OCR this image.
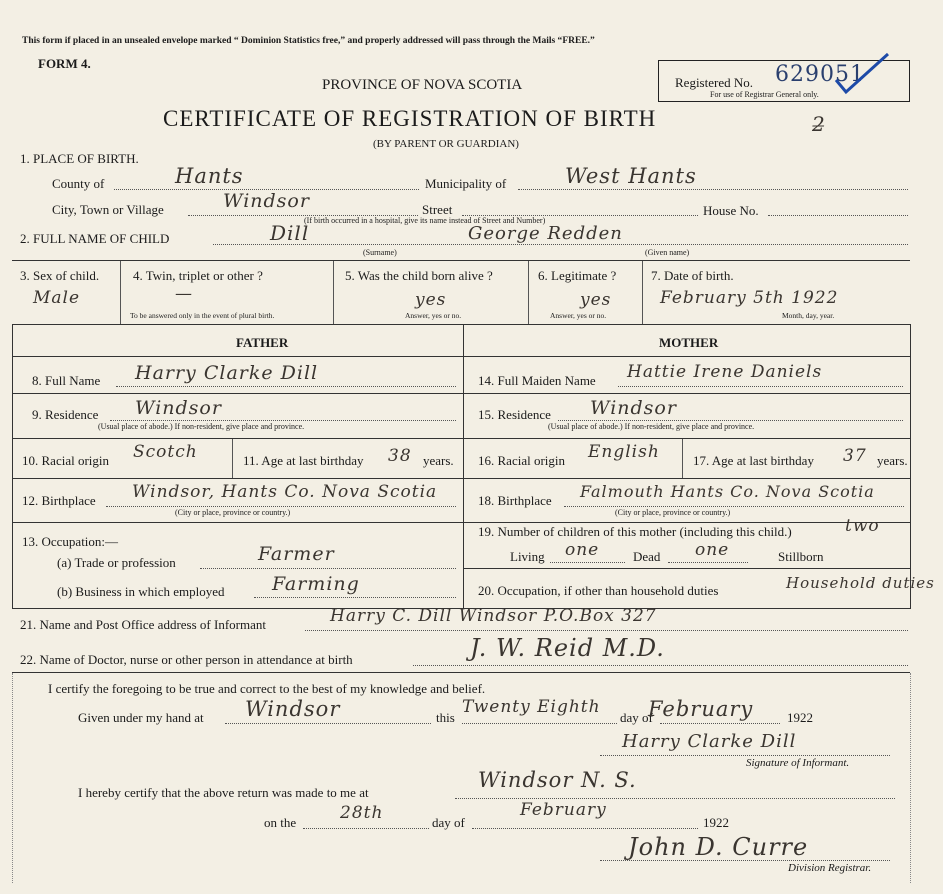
This form if placed in an unsealed envelope marked “ Dominion Statistics free,” and properly addressed will pass through the Mails “FREE.”
FORM 4.
PROVINCE OF NOVA SCOTIA
CERTIFICATE OF REGISTRATION OF BIRTH
(BY PARENT OR GUARDIAN)
2̶
Registered No. 629051
For use of Registrar General only.
1. PLACE OF BIRTH.
County of	Hants	Municipality of	West Hants
City, Town or Village	Windsor	Street	House No.
(If birth occurred in a hospital, give its name instead of Street and Number)
2. FULL NAME OF CHILD	Dill	George Redden
(Surname)	(Given name)
3. Sex of child.
Male
4. Twin, triplet or other ?
—
To be answered only in the event of plural birth.
5. Was the child born alive ?
yes
Answer, yes or no.
6. Legitimate ?
yes
Answer, yes or no.
7. Date of birth.
February 5th 1922
Month, day, year.
FATHER	MOTHER
8. Full Name Harry Clarke Dill
9. Residence Windsor
(Usual place of abode.) If non-resident, give place and province.
10. Racial origin Scotch	11. Age at last birthday 38 years.
12. Birthplace Windsor, Hants Co. Nova Scotia
(City or place, province or country.)
13. Occupation:—
(a) Trade or profession	Farmer
(b) Business in which employed Farming
14. Full Maiden Name Hattie Irene Daniels
15. Residence Windsor
(Usual place of abode.) If non-resident, give place and province.
16. Racial origin English	17. Age at last birthday 37 years.
18. Birthplace Falmouth Hants Co. Nova Scotia
(City or place, province or country.)
19. Number of children of this mother (including this child.)	two
Living one	Dead one	Stillborn
20. Occupation, if other than household duties	Household duties
21. Name and Post Office address of Informant	Harry C. Dill Windsor P.O.Box 327
22. Name of Doctor, nurse or other person in attendance at birth	J. W. Reid M.D.
I certify the foregoing to be true and correct to the best of my knowledge and belief.
Given under my hand at Windsor	this
Twenty Eighth
day of
February	1922
Harry Clarke Dill
Signature of Informant.
I hereby certify that the above return was made to me at
Windsor N. S.
on the	28th	day of
February
1922
John D. Curre
Division Registrar.
